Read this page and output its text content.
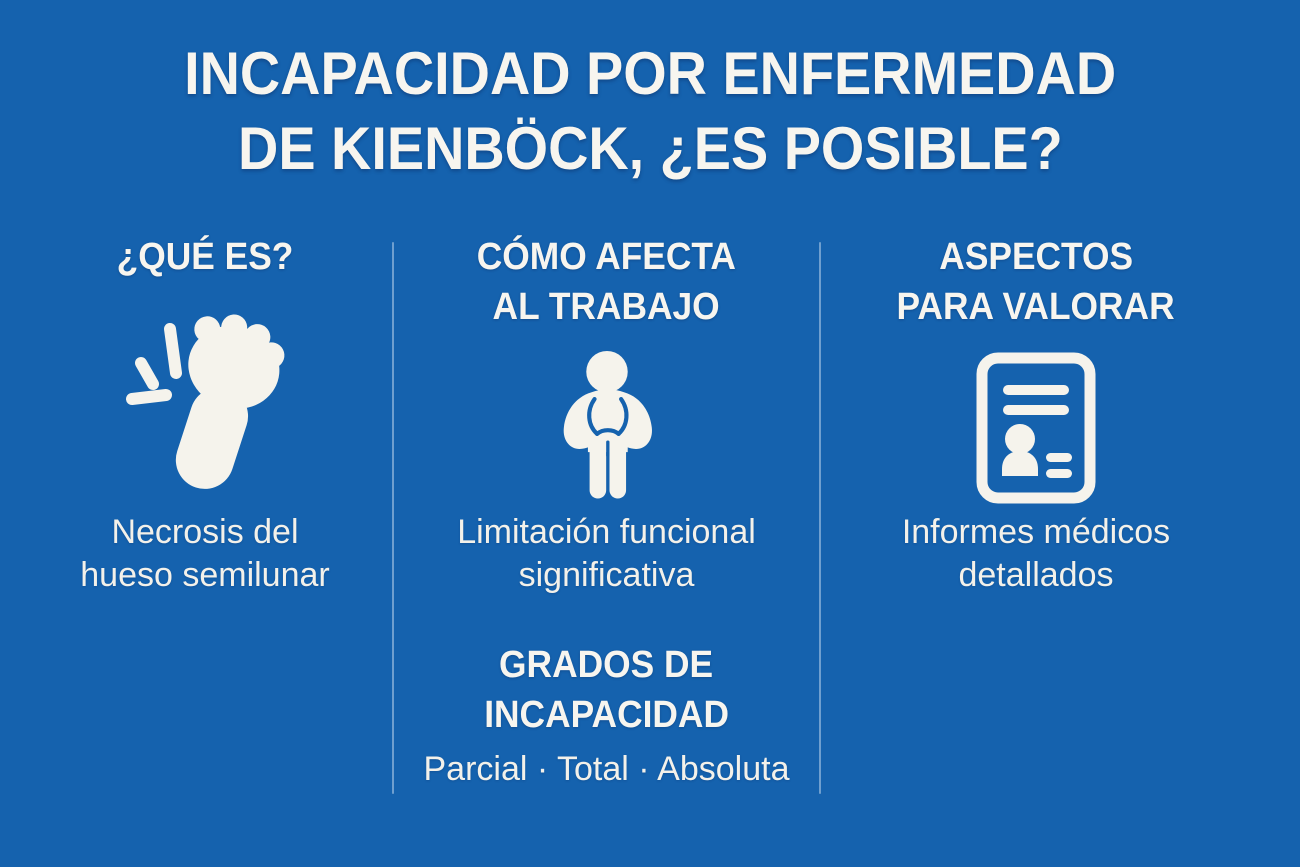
INCAPACIDAD POR ENFERMEDAD
DE KIENBÖCK, ¿ES POSIBLE?
¿QUÉ ES?
Necrosis del
hueso semilunar
CÓMO AFECTA
AL TRABAJO
Limitación funcional
significativa
GRADOS DE
INCAPACIDAD
Parcial · Total · Absoluta
ASPECTOS
PARA VALORAR
Informes médicos
detallados
